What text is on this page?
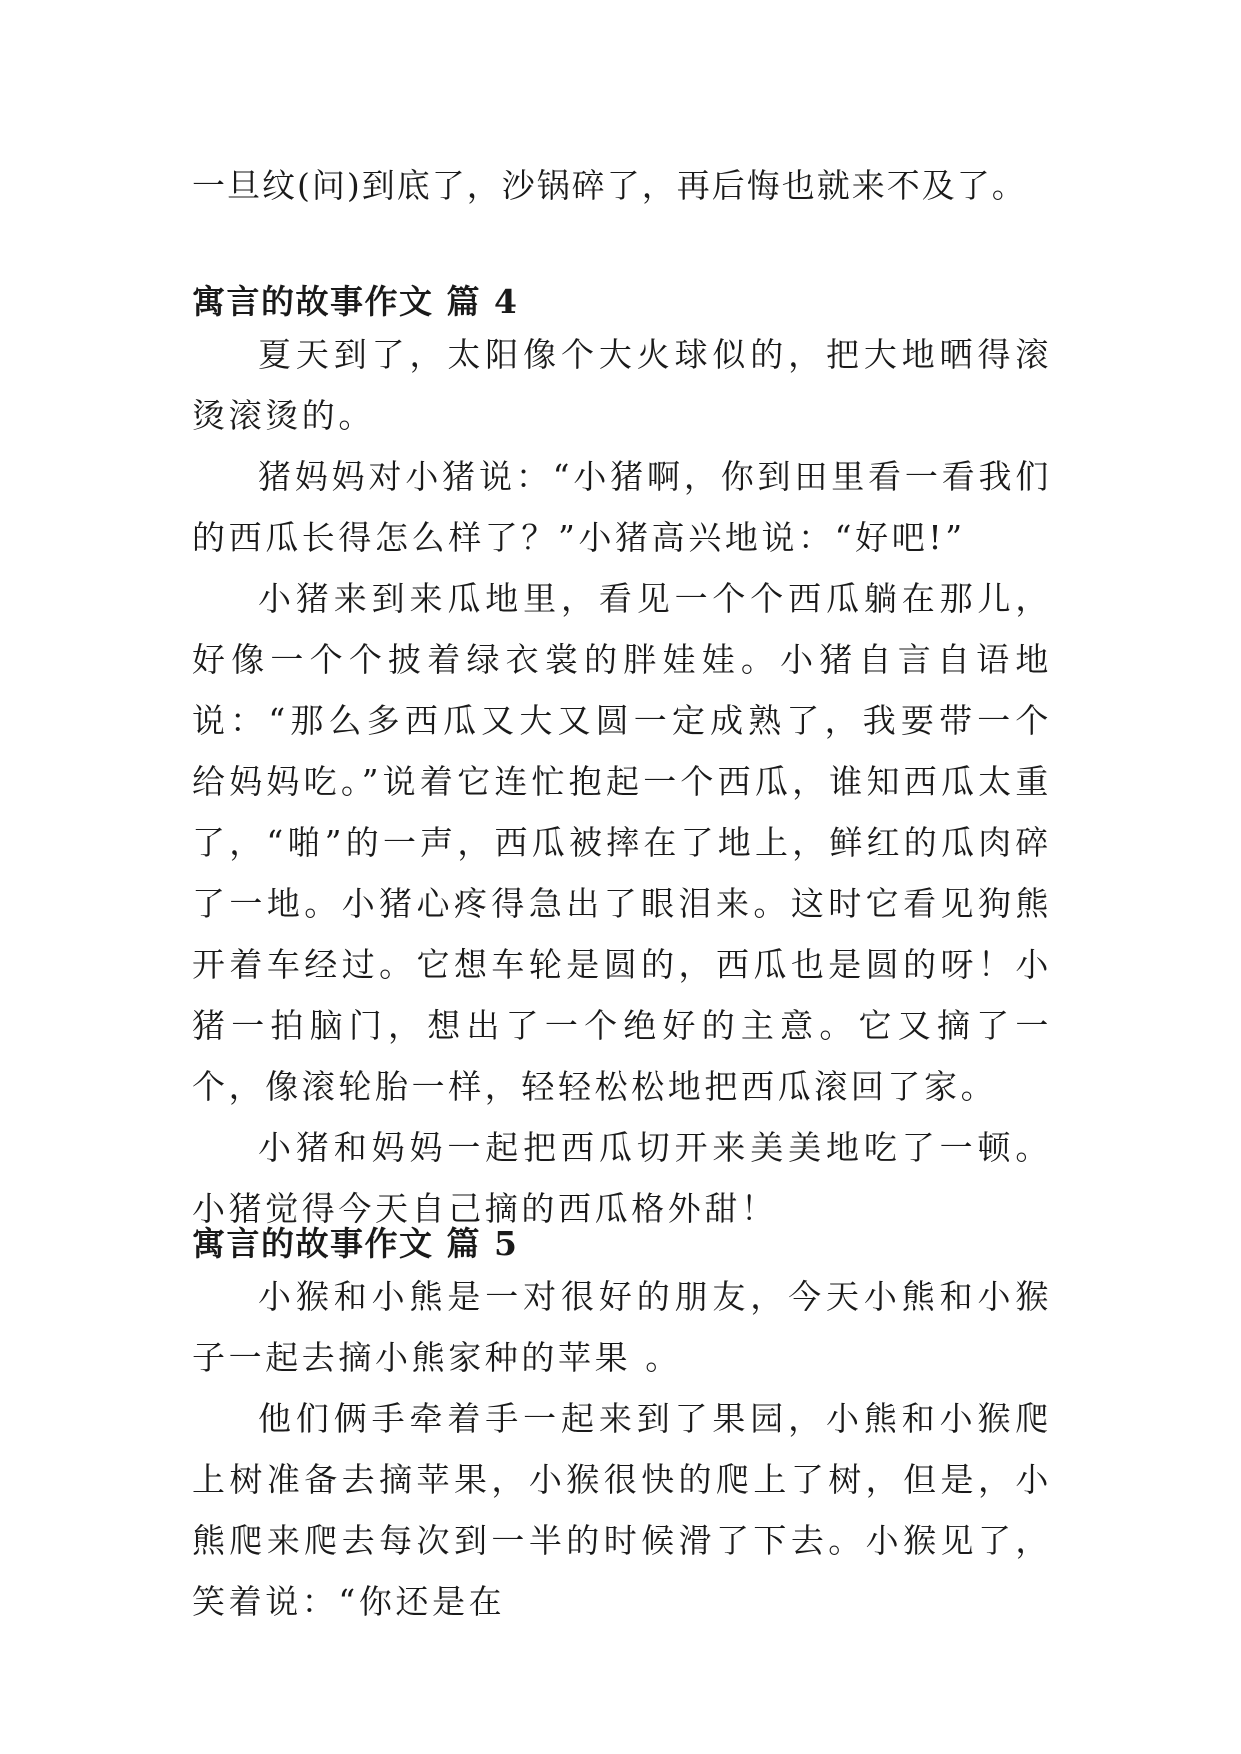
一旦纹(问)到底了，沙锅碎了，再后悔也就来不及了。
寓言的故事作文 篇 4

夏天到了，太阳像个大火球似的，把大地晒得滚烫滚烫的。

猪妈妈对小猪说：“小猪啊，你到田里看一看我们的西瓜长得怎么样了？”小猪高兴地说：“好吧!”

小猪来到来瓜地里，看见一个个西瓜躺在那儿，好像一个个披着绿衣裳的胖娃娃。小猪自言自语地说：“那么多西瓜又大又圆一定成熟了，我要带一个给妈妈吃。”说着它连忙抱起一个西瓜，谁知西瓜太重了，“啪”的一声，西瓜被摔在了地上，鲜红的瓜肉碎了一地。小猪心疼得急出了眼泪来。这时它看见狗熊开着车经过。它想车轮是圆的，西瓜也是圆的呀！小猪一拍脑门，想出了一个绝好的主意。它又摘了一个，像滚轮胎一样，轻轻松松地把西瓜滚回了家。

小猪和妈妈一起把西瓜切开来美美地吃了一顿。小猪觉得今天自己摘的西瓜格外甜！

寓言的故事作文 篇 5

小猴和小熊是一对很好的朋友，今天小熊和小猴子一起去摘小熊家种的苹果 。

他们俩手牵着手一起来到了果园，小熊和小猴爬上树准备去摘苹果，小猴很快的爬上了树，但是，小熊爬来爬去每次到一半的时候滑了下去。小猴见了，笑着说：“你还是在
